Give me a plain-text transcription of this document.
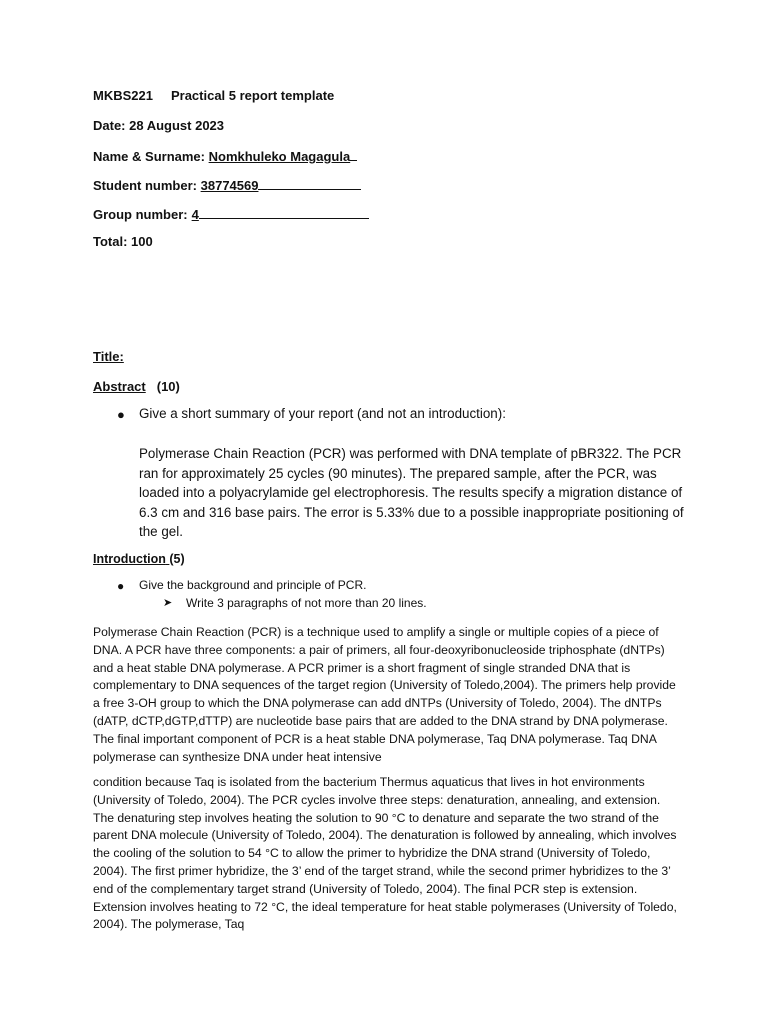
MKBS221 Practical 5 report template
Date: 28 August 2023
Name & Surname: Nomkhuleko Magagula
Student number: 38774569
Group number: 4
Total: 100
Title:
Abstract (10)
● Give a short summary of your report (and not an introduction):
Polymerase Chain Reaction (PCR) was performed with DNA template of pBR322. The PCR ran for approximately 25 cycles (90 minutes). The prepared sample, after the PCR, was loaded into a polyacrylamide gel electrophoresis. The results specify a migration distance of 6.3 cm and 316 base pairs. The error is 5.33% due to a possible inappropriate positioning of the gel.
Introduction (5)
● Give the background and principle of PCR.
➤ Write 3 paragraphs of not more than 20 lines.
Polymerase Chain Reaction (PCR) is a technique used to amplify a single or multiple copies of a piece of DNA. A PCR have three components: a pair of primers, all four-deoxyribonucleoside triphosphate (dNTPs) and a heat stable DNA polymerase. A PCR primer is a short fragment of single stranded DNA that is complementary to DNA sequences of the target region (University of Toledo,2004). The primers help provide a free 3-OH group to which the DNA polymerase can add dNTPs (University of Toledo, 2004). The dNTPs (dATP, dCTP,dGTP,dTTP) are nucleotide base pairs that are added to the DNA strand by DNA polymerase. The final important component of PCR is a heat stable DNA polymerase, Taq DNA polymerase. Taq DNA polymerase can synthesize DNA under heat intensive
condition because Taq is isolated from the bacterium Thermus aquaticus that lives in hot environments (University of Toledo, 2004). The PCR cycles involve three steps: denaturation, annealing, and extension. The denaturing step involves heating the solution to 90 °C to denature and separate the two strand of the parent DNA molecule (University of Toledo, 2004). The denaturation is followed by annealing, which involves the cooling of the solution to 54 °C to allow the primer to hybridize the DNA strand (University of Toledo, 2004). The first primer hybridize, the 3’ end of the target strand, while the second primer hybridizes to the 3’ end of the complementary target strand (University of Toledo, 2004). The final PCR step is extension. Extension involves heating to 72 °C, the ideal temperature for heat stable polymerases (University of Toledo, 2004). The polymerase, Taq
